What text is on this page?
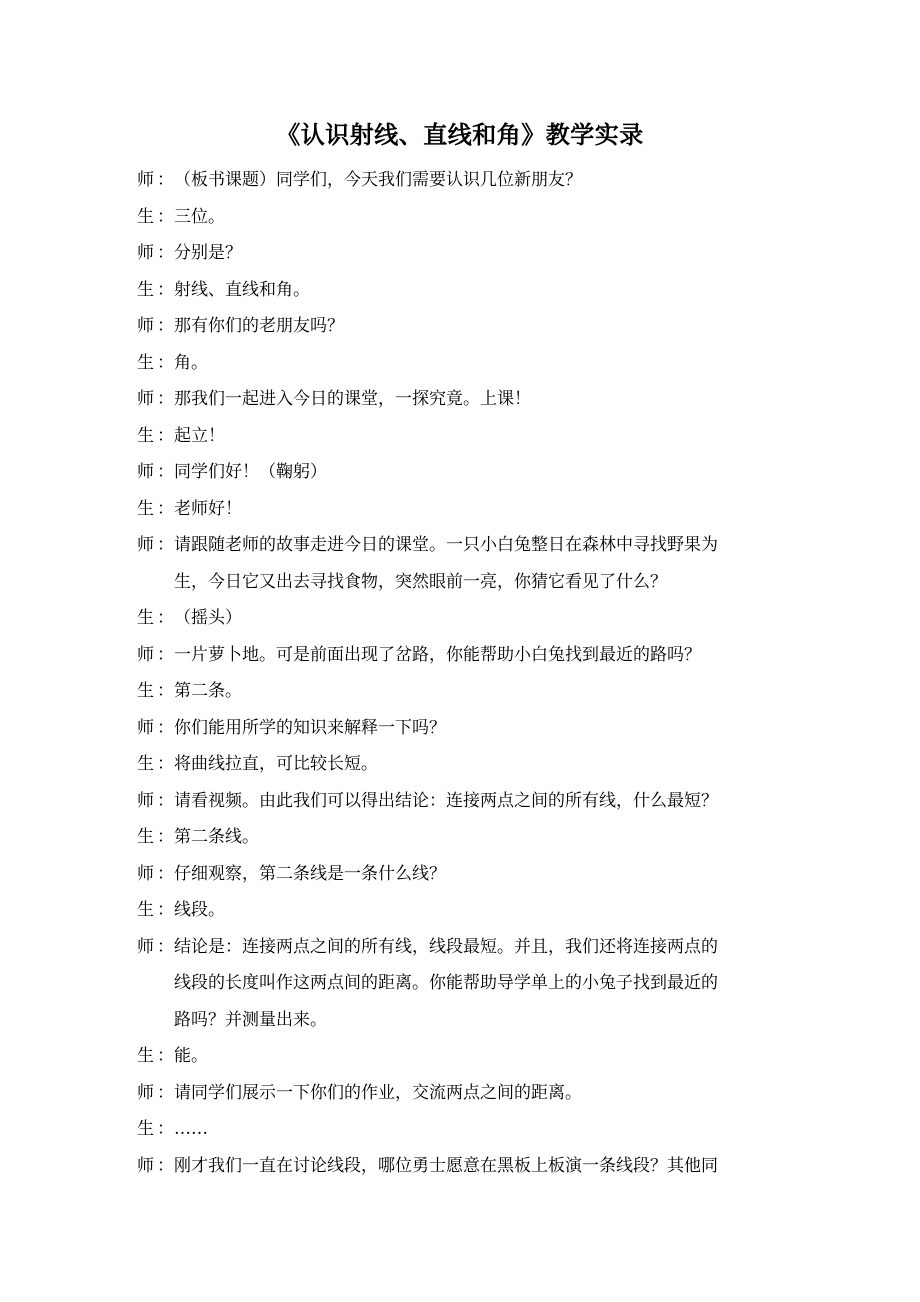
《认识射线、直线和角》教学实录
师 ： （板书课题）同学们，今天我们需要认识几位新朋友？
生 ： 三位。
师 ： 分别是？
生 ： 射线、直线和角。
师 ： 那有你们的老朋友吗？
生 ： 角。
师 ： 那我们一起进入今日的课堂，一探究竟。上课！
生 ： 起立！
师 ： 同学们好！（鞠躬）
生 ： 老师好！
师 ： 请跟随老师的故事走进今日的课堂。一只小白兔整日在森林中寻找野果为
生，今日它又出去寻找食物，突然眼前一亮，你猜它看见了什么？
生 ： （摇头）
师 ： 一片萝卜地。可是前面出现了岔路，你能帮助小白兔找到最近的路吗？
生 ： 第二条。
师 ： 你们能用所学的知识来解释一下吗？
生 ： 将曲线拉直，可比较长短。
师 ： 请看视频。由此我们可以得出结论：连接两点之间的所有线，什么最短？
生 ： 第二条线。
师 ： 仔细观察，第二条线是一条什么线？
生 ： 线段。
师 ： 结论是：连接两点之间的所有线，线段最短。并且，我们还将连接两点的
线段的长度叫作这两点间的距离。你能帮助导学单上的小兔子找到最近的
路吗？并测量出来。
生 ： 能。
师 ： 请同学们展示一下你们的作业，交流两点之间的距离。
生 ： ……
师 ： 刚才我们一直在讨论线段，哪位勇士愿意在黑板上板演一条线段？其他同
